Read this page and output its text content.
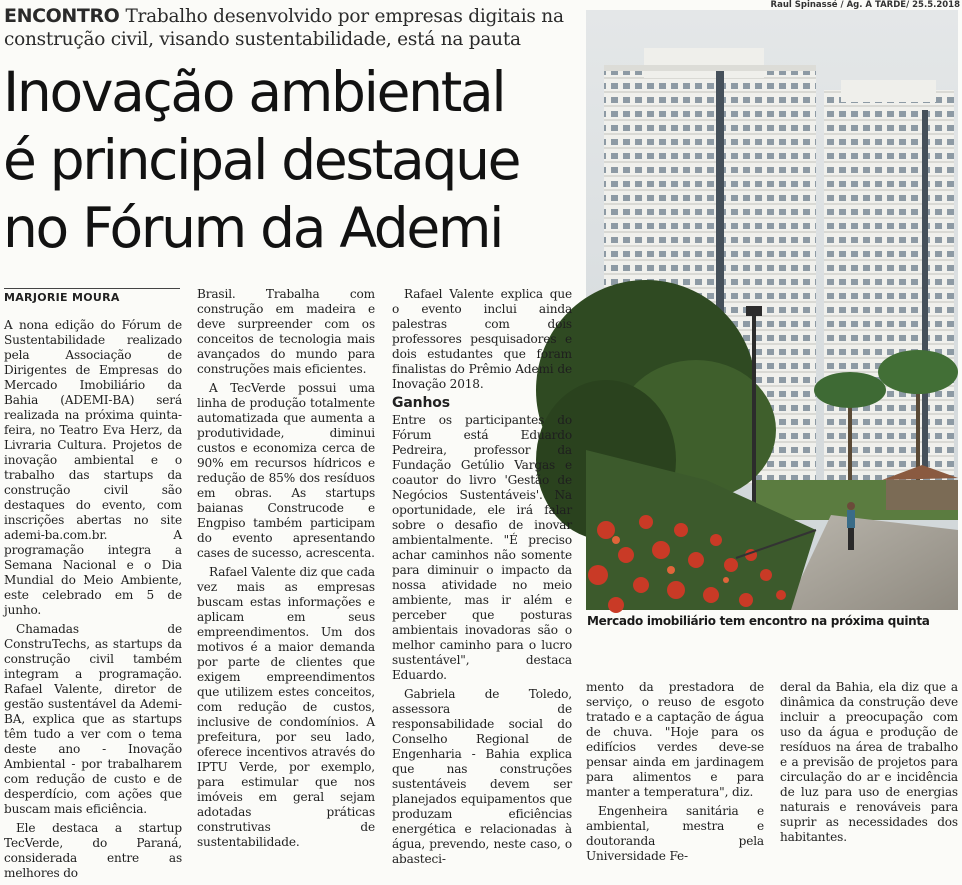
ENCONTRO Trabalho desenvolvido por empresas digitais na construção civil, visando sustentabilidade, está na pauta
Inovação ambiental
é principal destaque
no Fórum da Ademi
Raul Spinassé / Ag. A TARDE/ 25.5.2018
Mercado imobiliário tem encontro na próxima quinta
MARJORIE MOURA

A nona edição do Fórum de Sustentabilidade realizado pela Associação de Dirigentes de Empresas do Mercado Imobiliário da Bahia (ADEMI-BA) será realizada na próxima quinta-feira, no Teatro Eva Herz, da Livraria Cultura. Projetos de inovação ambiental e o trabalho das startups da construção civil são destaques do evento, com inscrições abertas no site ademi-ba.com.br. A programação integra a Semana Nacional e o Dia Mundial do Meio Ambiente, este celebrado em 5 de junho.

Chamadas de ConstruTechs, as startups da construção civil também integram a programação. Rafael Valente, diretor de gestão sustentável da Ademi-BA, explica que as startups têm tudo a ver com o tema deste ano - Inovação Ambiental - por trabalharem com redução de custo e de desperdício, com ações que buscam mais eficiência.

Ele destaca a startup TecVerde, do Paraná, considerada entre as melhores do

Brasil. Trabalha com construção em madeira e deve surpreender com os conceitos de tecnologia mais avançados do mundo para construções mais eficientes.

A TecVerde possui uma linha de produção totalmente automatizada que aumenta a produtividade, diminui custos e economiza cerca de 90% em recursos hídricos e redução de 85% dos resíduos em obras. As startups baianas Construcode e Engpiso também participam do evento apresentando cases de sucesso, acrescenta.

Rafael Valente diz que cada vez mais as empresas buscam estas informações e aplicam em seus empreendimentos. Um dos motivos é a maior demanda por parte de clientes que exigem empreendimentos que utilizem estes conceitos, com redução de custos, inclusive de condomínios. A prefeitura, por seu lado, oferece incentivos através do IPTU Verde, por exemplo, para estimular que nos imóveis em geral sejam adotadas práticas construtivas de sustentabilidade.

Rafael Valente explica que o evento inclui ainda palestras com dois professores pesquisadores e dois estudantes que foram finalistas do Prêmio Ademi de Inovação 2018.

Ganhos

Entre os participantes do Fórum está Eduardo Pedreira, professor da Fundação Getúlio Vargas e coautor do livro 'Gestão de Negócios Sustentáveis'. Na oportunidade, ele irá falar sobre o desafio de inovar ambientalmente. "É preciso achar caminhos não somente para diminuir o impacto da nossa atividade no meio ambiente, mas ir além e perceber que posturas ambientais inovadoras são o melhor caminho para o lucro sustentável", destaca Eduardo.

Gabriela de Toledo, assessora de responsabilidade social do Conselho Regional de Engenharia - Bahia explica que nas construções sustentáveis devem ser planejados equipamentos que produzam eficiências energética e relacionadas à água, prevendo, neste caso, o abasteci-

mento da prestadora de serviço, o reuso de esgoto tratado e a captação de água de chuva. "Hoje para os edifícios verdes deve-se pensar ainda em jardinagem para alimentos e para manter a temperatura", diz.

Engenheira sanitária e ambiental, mestra e doutoranda pela Universidade Fe-

deral da Bahia, ela diz que a dinâmica da construção deve incluir a preocupação com uso da água e produção de resíduos na área de trabalho e a previsão de projetos para circulação do ar e incidência de luz para uso de energias naturais e renováveis para suprir as necessidades dos habitantes.
